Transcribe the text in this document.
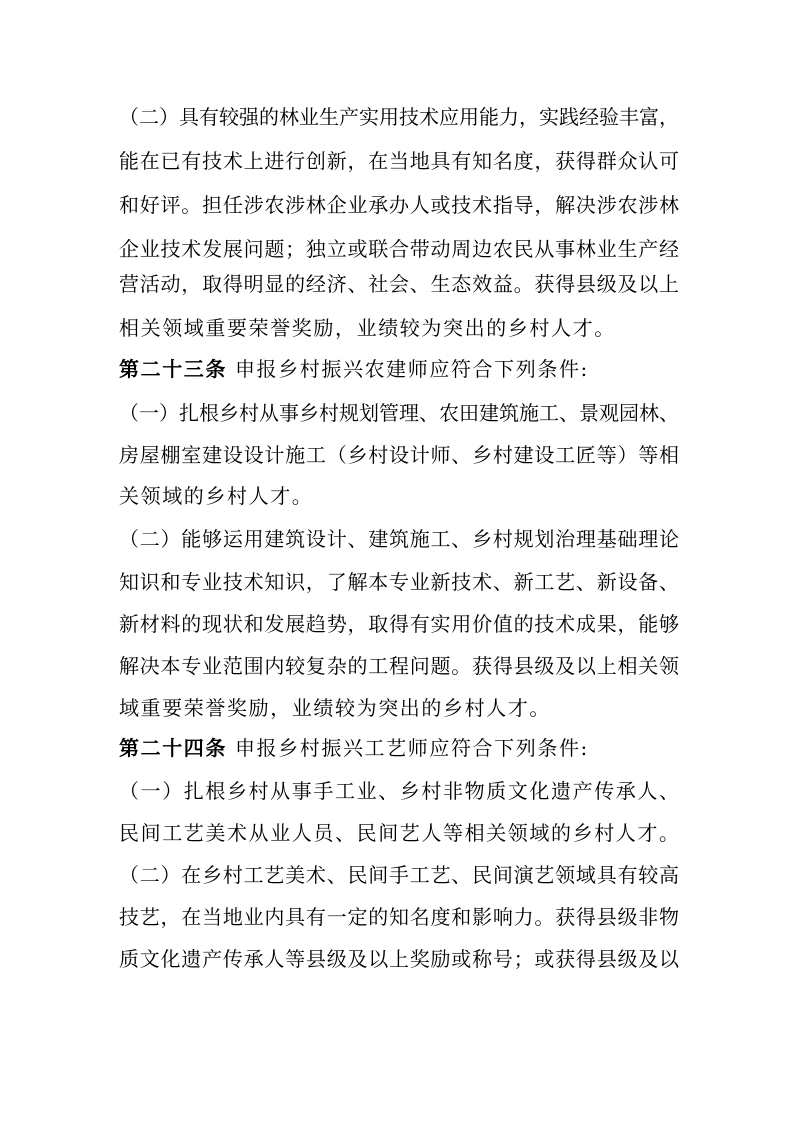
（二）具有较强的林业生产实用技术应用能力，实践经验丰富，
能在已有技术上进行创新，在当地具有知名度，获得群众认可
和好评。担任涉农涉林企业承办人或技术指导，解决涉农涉林
企业技术发展问题；独立或联合带动周边农民从事林业生产经
营活动，取得明显的经济、社会、生态效益。获得县级及以上
相关领域重要荣誉奖励，业绩较为突出的乡村人才。
第二十三条 申报乡村振兴农建师应符合下列条件:
（一）扎根乡村从事乡村规划管理、农田建筑施工、景观园林、
房屋棚室建设设计施工（乡村设计师、乡村建设工匠等）等相
关领域的乡村人才。
（二）能够运用建筑设计、建筑施工、乡村规划治理基础理论
知识和专业技术知识，了解本专业新技术、新工艺、新设备、
新材料的现状和发展趋势，取得有实用价值的技术成果，能够
解决本专业范围内较复杂的工程问题。获得县级及以上相关领
域重要荣誉奖励，业绩较为突出的乡村人才。
第二十四条 申报乡村振兴工艺师应符合下列条件:
（一）扎根乡村从事手工业、乡村非物质文化遗产传承人、
民间工艺美术从业人员、民间艺人等相关领域的乡村人才。
（二）在乡村工艺美术、民间手工艺、民间演艺领域具有较高
技艺，在当地业内具有一定的知名度和影响力。获得县级非物
质文化遗产传承人等县级及以上奖励或称号；或获得县级及以
